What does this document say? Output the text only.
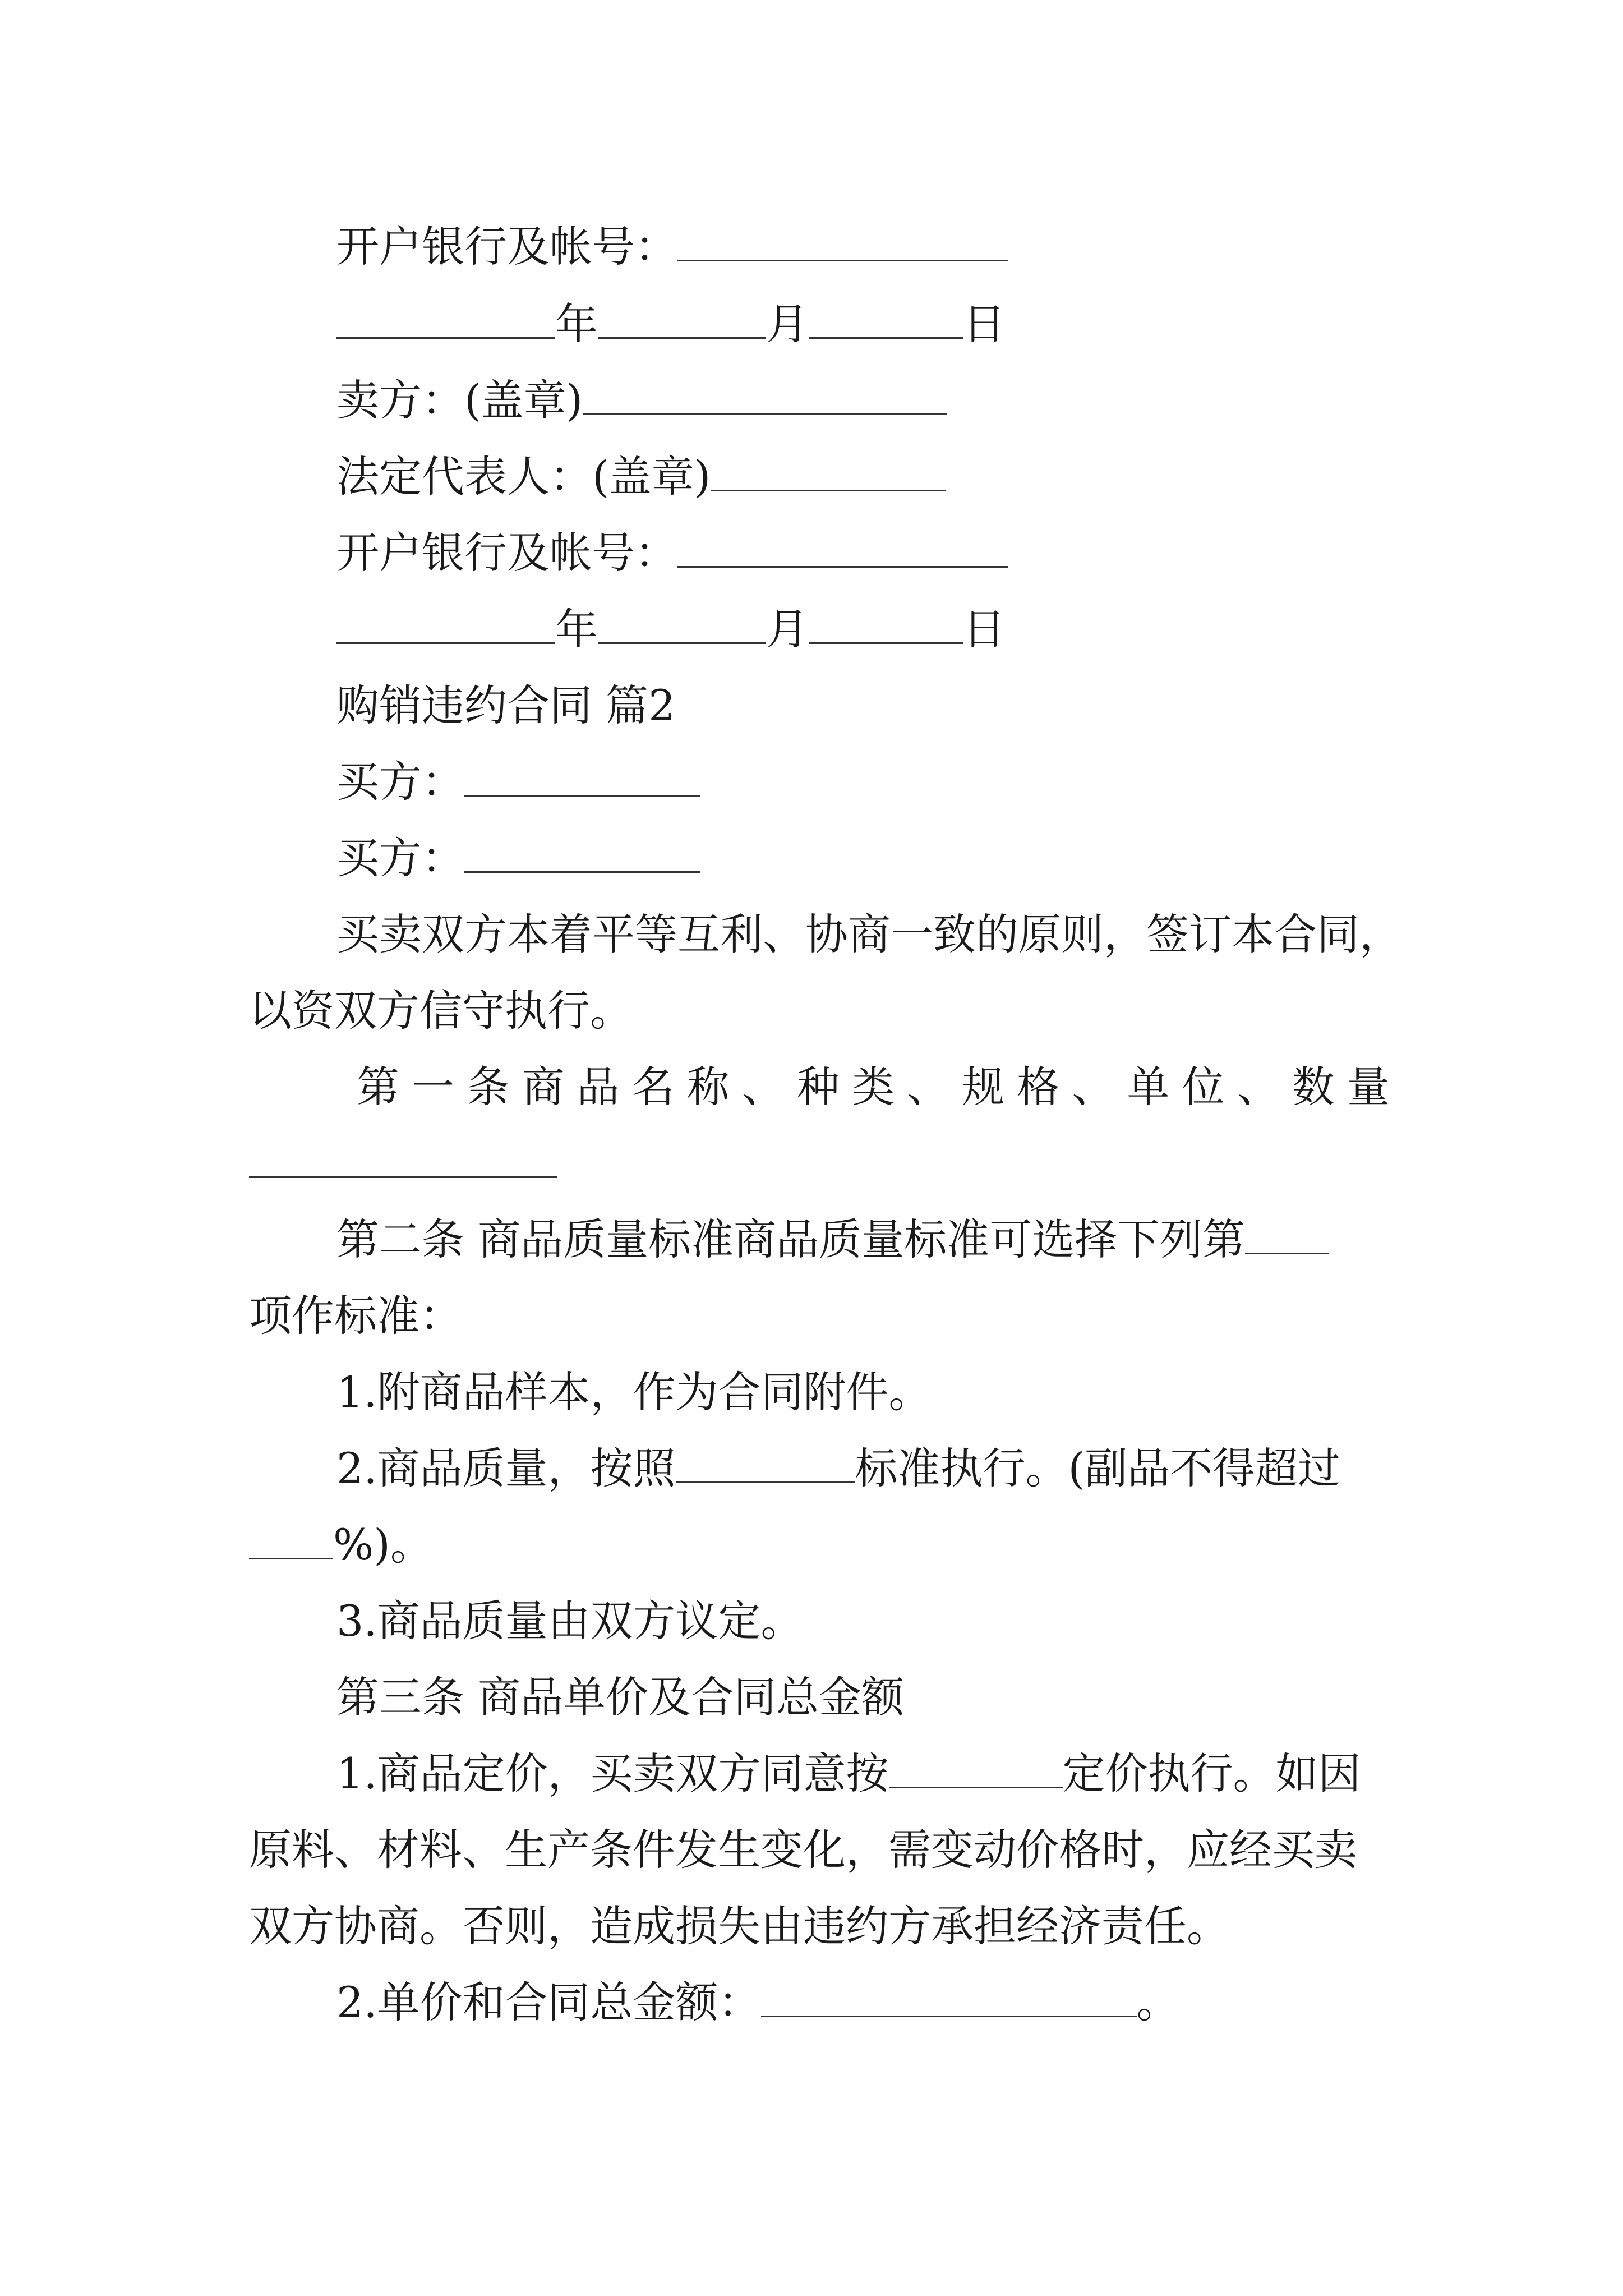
开户银行及帐号：
年	月	日
卖方：(盖章)
法定代表人：(盖章)
开户银行及帐号：
年	月	日
购销违约合同 篇2
买方：
买方：
买卖双方本着平等互利、协商一致的原则，签订本合同，
以资双方信守执行。
第 一 条 商 品 名 称 、 种 类 、 规 格 、 单 位 、 数 量
第二条 商品质量标准商品质量标准可选择下列第
项作标准：
1.附商品样本，作为合同附件。
2.商品质量，按照	标准执行。(副品不得超过
%)。
3.商品质量由双方议定。
第三条 商品单价及合同总金额
1.商品定价，买卖双方同意按	定价执行。如因
原料、材料、生产条件发生变化，需变动价格时，应经买卖
双方协商。否则，造成损失由违约方承担经济责任。
2.单价和合同总金额：	。
